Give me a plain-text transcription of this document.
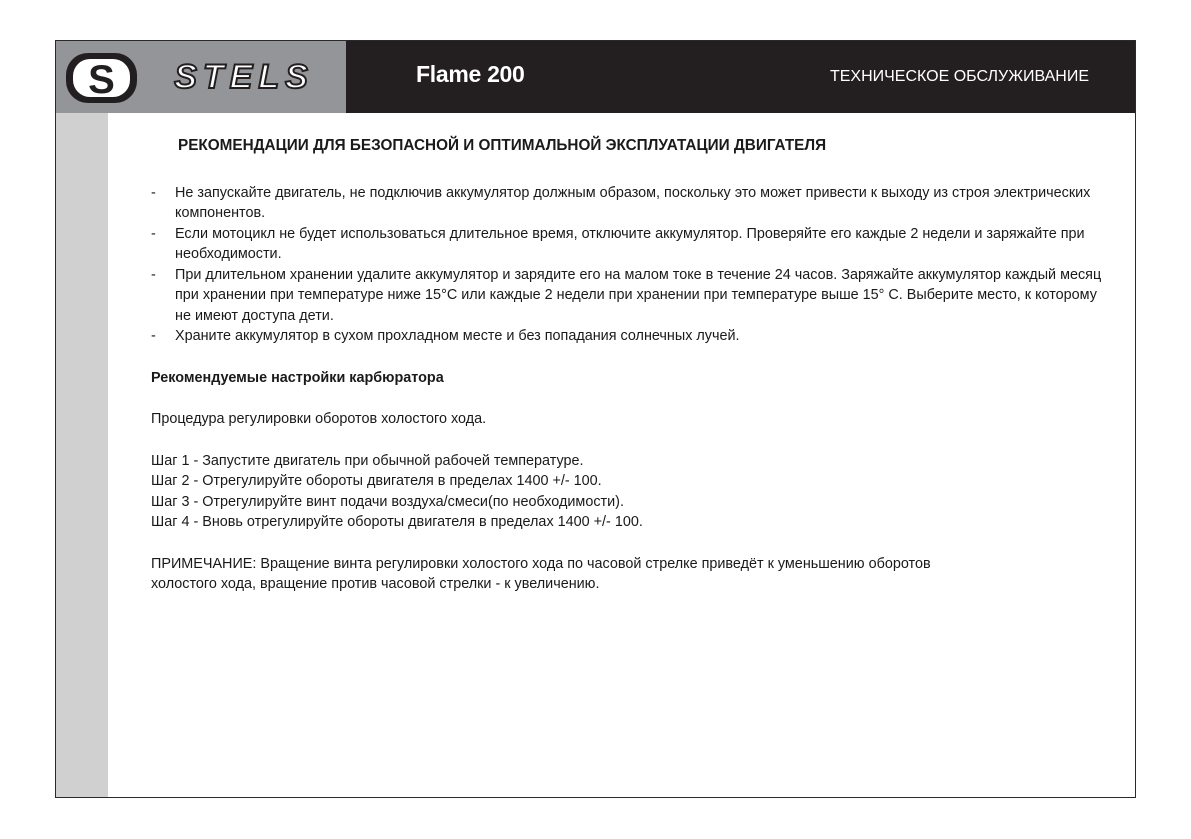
S STELS	Flame 200	ТЕХНИЧЕСКОЕ ОБСЛУЖИВАНИЕ
РЕКОМЕНДАЦИИ ДЛЯ БЕЗОПАСНОЙ И ОПТИМАЛЬНОЙ ЭКСПЛУАТАЦИИ ДВИГАТЕЛЯ
- Не запускайте двигатель, не подключив аккумулятор должным образом, поскольку это может привести к выходу из строя электрических компонентов.
- Если мотоцикл не будет использоваться длительное время, отключите аккумулятор. Проверяйте его каждые 2 недели и заряжайте при необходимости.
- При длительном хранении удалите аккумулятор и зарядите его на малом токе в течение 24 часов. Заряжайте аккумулятор каждый месяц при хранении при температуре ниже 15°С или каждые 2 недели при хранении при температуре выше 15° С. Выберите место, к которому не имеют доступа дети.
- Храните аккумулятор в сухом прохладном месте и без попадания солнечных лучей.
Рекомендуемые настройки карбюратора
Процедура регулировки оборотов холостого хода.
Шаг 1 - Запустите двигатель при обычной рабочей температуре.
Шаг 2 - Отрегулируйте обороты двигателя в пределах 1400 +/- 100.
Шаг 3 - Отрегулируйте винт подачи воздуха/смеси(по необходимости).
Шаг 4 - Вновь отрегулируйте обороты двигателя в пределах 1400 +/- 100.
ПРИМЕЧАНИЕ: Вращение винта регулировки холостого хода по часовой стрелке приведёт к уменьшению оборотов холостого хода, вращение против часовой стрелки - к увеличению.
